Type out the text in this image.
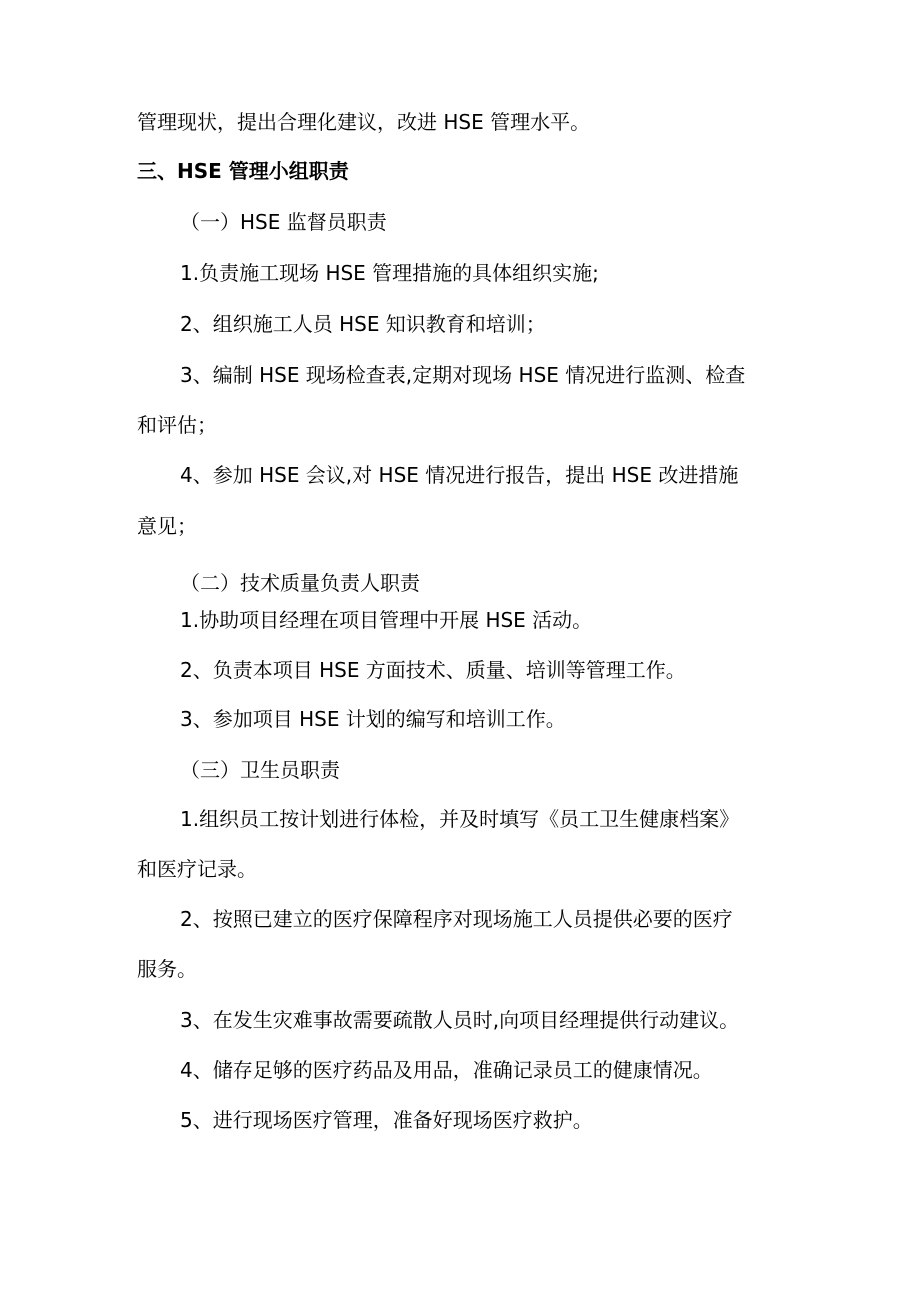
管理现状，提出合理化建议，改进 HSE 管理水平。

三、HSE 管理小组职责

（一）HSE 监督员职责

1.负责施工现场 HSE 管理措施的具体组织实施;

2、组织施工人员 HSE 知识教育和培训；

3、编制 HSE 现场检查表,定期对现场 HSE 情况进行监测、检查

和评估；

4、参加 HSE 会议,对 HSE 情况进行报告，提出 HSE 改进措施

意见；

（二）技术质量负责人职责

1.协助项目经理在项目管理中开展 HSE 活动。

2、负责本项目 HSE 方面技术、质量、培训等管理工作。

3、参加项目 HSE 计划的编写和培训工作。

（三）卫生员职责

1.组织员工按计划进行体检，并及时填写《员工卫生健康档案》

和医疗记录。

2、按照已建立的医疗保障程序对现场施工人员提供必要的医疗

服务。

3、在发生灾难事故需要疏散人员时,向项目经理提供行动建议。

4、储存足够的医疗药品及用品，准确记录员工的健康情况。

5、进行现场医疗管理，准备好现场医疗救护。
